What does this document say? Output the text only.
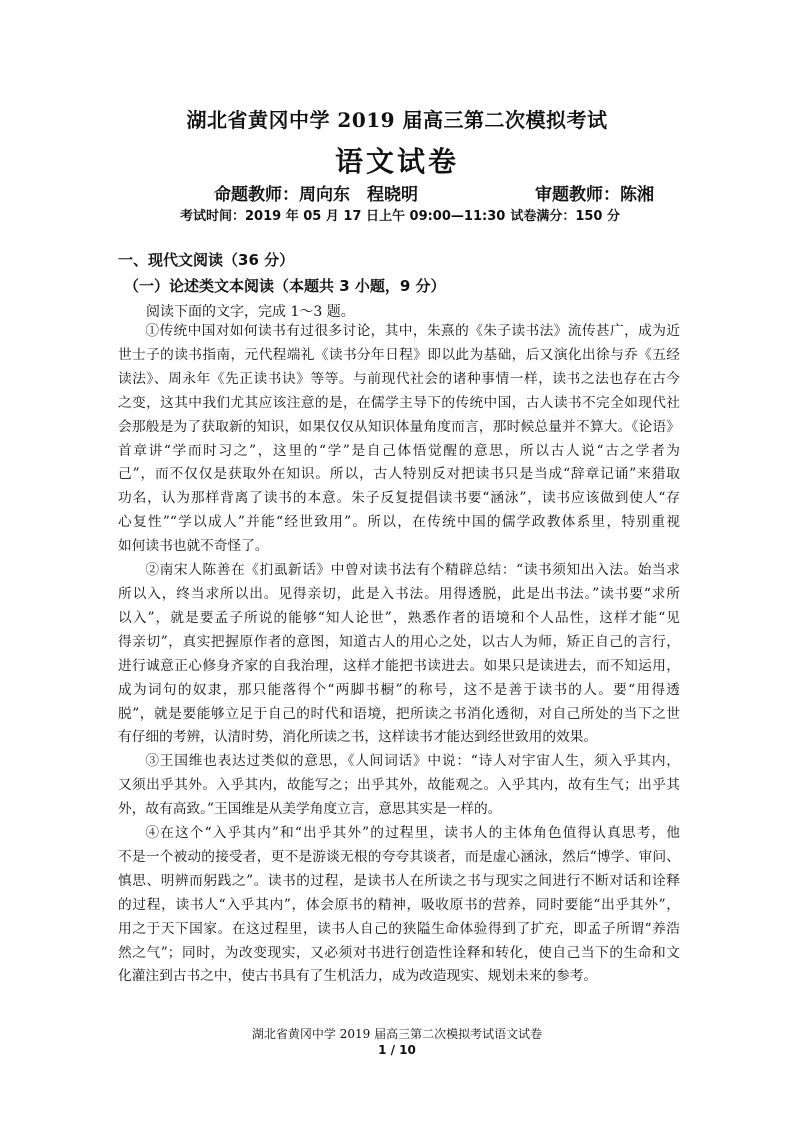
湖北省黄冈中学 2019 届高三第二次模拟考试
语文试卷
命题教师：周向东　程晓明	审题教师：陈湘
考试时间：2019 年 05 月 17 日上午 09:00—11:30 试卷满分：150 分
一、现代文阅读（36 分）
（一）论述类文本阅读（本题共 3 小题，9 分）
阅读下面的文字，完成 1～3 题。

①传统中国对如何读书有过很多讨论，其中，朱熹的《朱子读书法》流传甚广，成为近

世士子的读书指南，元代程端礼《读书分年日程》即以此为基础，后又演化出徐与乔《五经

读法》、周永年《先正读书诀》等等。与前现代社会的诸种事情一样，读书之法也存在古今

之变，这其中我们尤其应该注意的是，在儒学主导下的传统中国，古人读书不完全如现代社

会那般是为了获取新的知识，如果仅仅从知识体量角度而言，那时候总量并不算大。《论语》

首章讲“学而时习之”，这里的“学”是自己体悟觉醒的意思，所以古人说“古之学者为

己”，而不仅仅是获取外在知识。所以，古人特别反对把读书只是当成“辞章记诵”来猎取

功名，认为那样背离了读书的本意。朱子反复提倡读书要“涵泳”，读书应该做到使人“存

心复性”“学以成人”并能“经世致用”。所以，在传统中国的儒学政教体系里，特别重视

如何读书也就不奇怪了。

②南宋人陈善在《扪虱新话》中曾对读书法有个精辟总结：“读书须知出入法。始当求

所以入，终当求所以出。见得亲切，此是入书法。用得透脱，此是出书法。”读书要“求所

以入”，就是要孟子所说的能够“知人论世”，熟悉作者的语境和个人品性，这样才能“见

得亲切”，真实把握原作者的意图，知道古人的用心之处，以古人为师，矫正自己的言行，

进行诚意正心修身齐家的自我治理，这样才能把书读进去。如果只是读进去，而不知运用，

成为词句的奴隶，那只能落得个“两脚书橱”的称号，这不是善于读书的人。要“用得透

脱”，就是要能够立足于自己的时代和语境，把所读之书消化透彻，对自己所处的当下之世

有仔细的考辨，认清时势，消化所读之书，这样读书才能达到经世致用的效果。

③王国维也表达过类似的意思，《人间词话》中说：“诗人对宇宙人生，须入乎其内，

又须出乎其外。入乎其内，故能写之；出乎其外，故能观之。入乎其内，故有生气；出乎其

外，故有高致。”王国维是从美学角度立言，意思其实是一样的。

④在这个“入乎其内”和“出乎其外”的过程里，读书人的主体角色值得认真思考，他

不是一个被动的接受者，更不是游谈无根的夸夸其谈者，而是虚心涵泳，然后“博学、审问、

慎思、明辨而躬践之”。读书的过程，是读书人在所读之书与现实之间进行不断对话和诠释

的过程，读书人“入乎其内”，体会原书的精神，吸收原书的营养，同时要能“出乎其外”，

用之于天下国家。在这过程里，读书人自己的狭隘生命体验得到了扩充，即孟子所谓“养浩

然之气”；同时，为改变现实，又必须对书进行创造性诠释和转化，使自己当下的生命和文

化灌注到古书之中，使古书具有了生机活力，成为改造现实、规划未来的参考。

湖北省黄冈中学 2019 届高三第二次模拟考试语文试卷
1 / 10
